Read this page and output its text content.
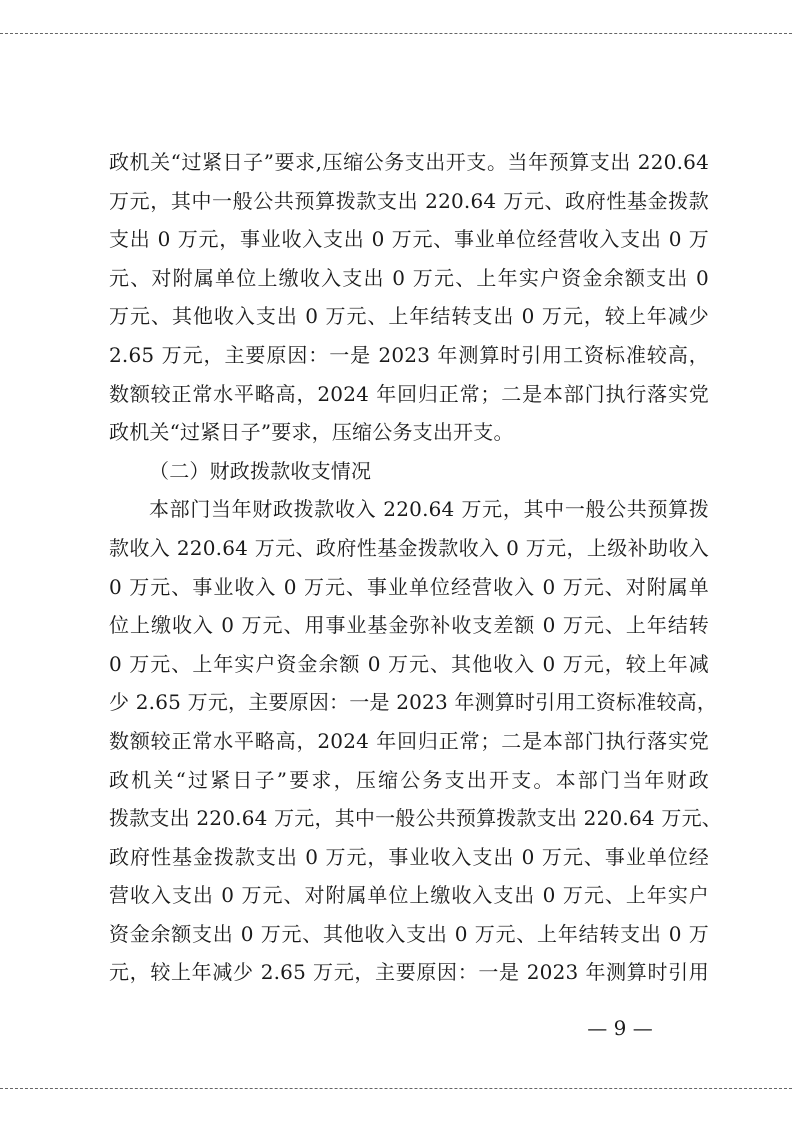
政机关“过紧日子”要求,压缩公务支出开支。当年预算支出 220.64
万元，其中一般公共预算拨款支出 220.64 万元、政府性基金拨款
支出 0 万元，事业收入支出 0 万元、事业单位经营收入支出 0 万
元、对附属单位上缴收入支出 0 万元、上年实户资金余额支出 0
万元、其他收入支出 0 万元、上年结转支出 0 万元，较上年减少
2.65 万元，主要原因：一是 2023 年测算时引用工资标准较高，
数额较正常水平略高，2024 年回归正常；二是本部门执行落实党
政机关“过紧日子”要求，压缩公务支出开支。
（二）财政拨款收支情况
本部门当年财政拨款收入 220.64 万元，其中一般公共预算拨
款收入 220.64 万元、政府性基金拨款收入 0 万元，上级补助收入
0 万元、事业收入 0 万元、事业单位经营收入 0 万元、对附属单
位上缴收入 0 万元、用事业基金弥补收支差额 0 万元、上年结转
0 万元、上年实户资金余额 0 万元、其他收入 0 万元，较上年减
少 2.65 万元，主要原因：一是 2023 年测算时引用工资标准较高，
数额较正常水平略高，2024 年回归正常；二是本部门执行落实党
政机关“过紧日子”要求，压缩公务支出开支。本部门当年财政
拨款支出 220.64 万元，其中一般公共预算拨款支出 220.64 万元、
政府性基金拨款支出 0 万元，事业收入支出 0 万元、事业单位经
营收入支出 0 万元、对附属单位上缴收入支出 0 万元、上年实户
资金余额支出 0 万元、其他收入支出 0 万元、上年结转支出 0 万
元，较上年减少 2.65 万元，主要原因：一是 2023 年测算时引用
— 9 —
